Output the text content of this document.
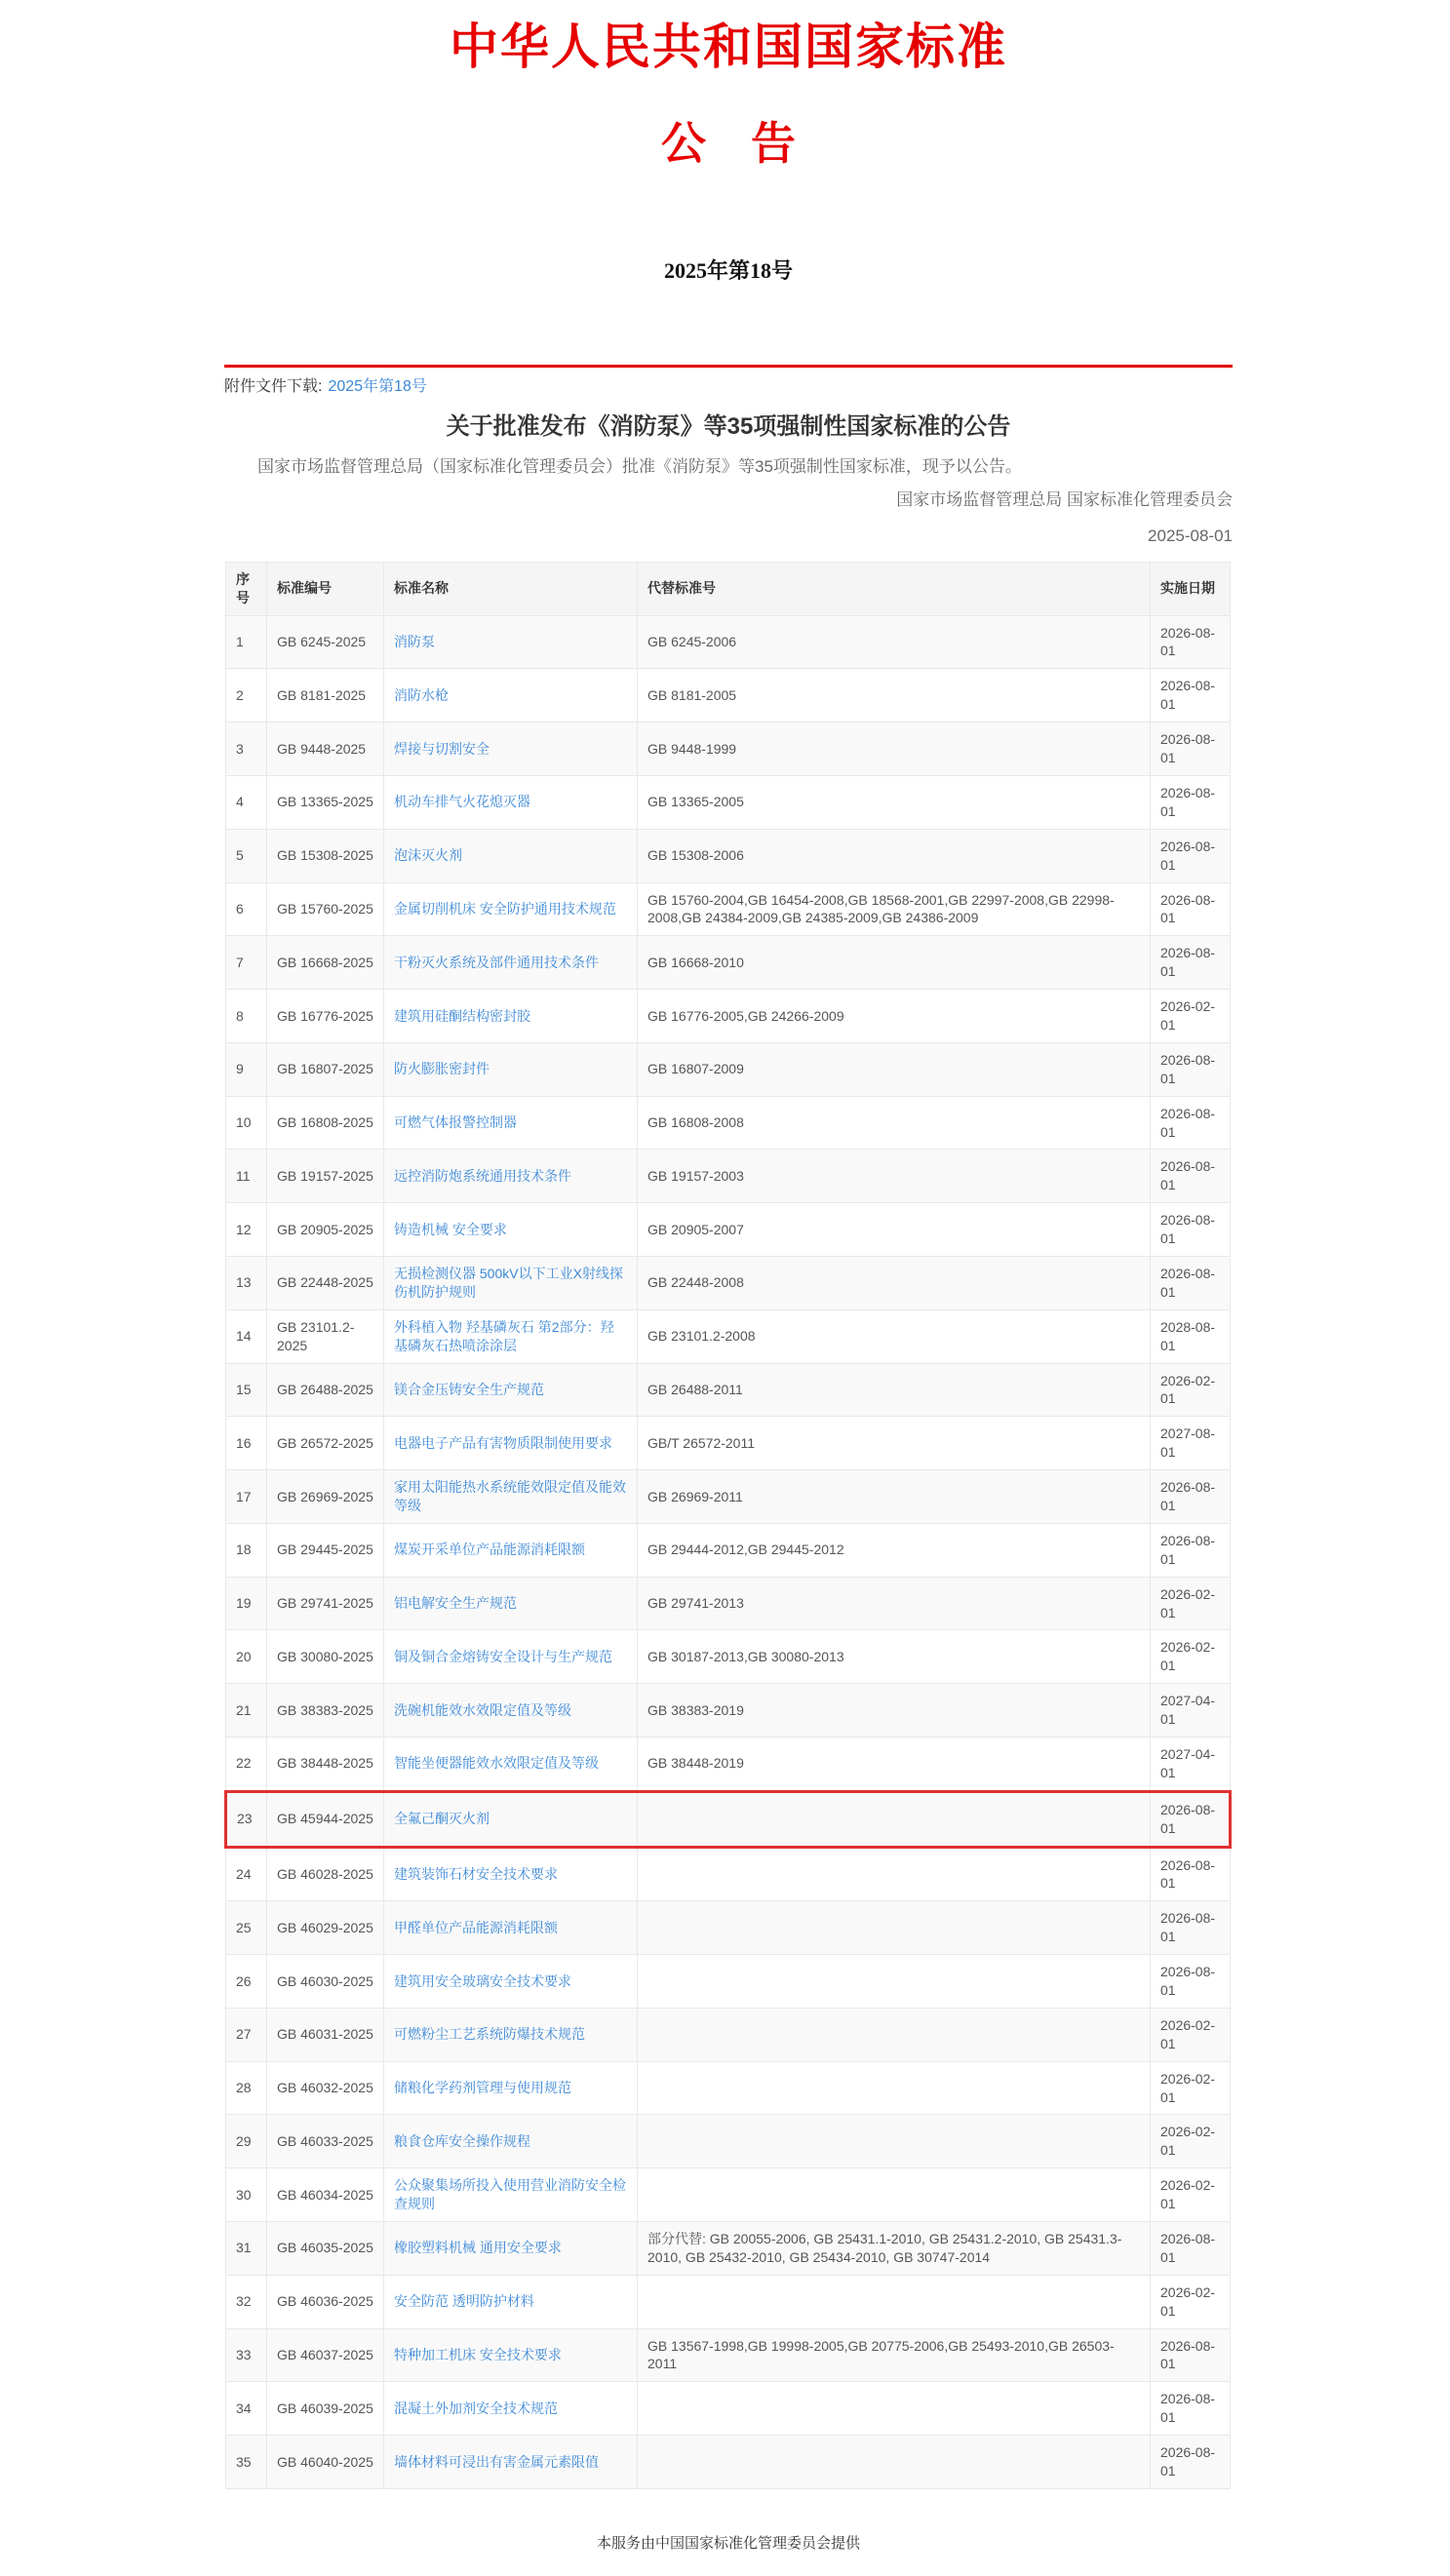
中华人民共和国国家标准
公　告
2025年第18号
附件文件下载: 2025年第18号
关于批准发布《消防泵》等35项强制性国家标准的公告

国家市场监督管理总局（国家标准化管理委员会）批准《消防泵》等35项强制性国家标准，现予以公告。

国家市场监督管理总局 国家标准化管理委员会
2025-08-01
序号	标准编号	标准名称	代替标准号	实施日期
1	GB 6245-2025	消防泵	GB 6245-2006	2026-08-01
2	GB 8181-2025	消防水枪	GB 8181-2005	2026-08-01
3	GB 9448-2025	焊接与切割安全	GB 9448-1999	2026-08-01
4	GB 13365-2025	机动车排气火花熄灭器	GB 13365-2005	2026-08-01
5	GB 15308-2025	泡沫灭火剂	GB 15308-2006	2026-08-01
6	GB 15760-2025	金属切削机床 安全防护通用技术规范	GB 15760-2004,GB 16454-2008,GB 18568-2001,GB 22997-2008,GB 22998-2008,GB 24384-2009,GB 24385-2009,GB 24386-2009	2026-08-01
7	GB 16668-2025	干粉灭火系统及部件通用技术条件	GB 16668-2010	2026-08-01
8	GB 16776-2025	建筑用硅酮结构密封胶	GB 16776-2005,GB 24266-2009	2026-02-01
9	GB 16807-2025	防火膨胀密封件	GB 16807-2009	2026-08-01
10	GB 16808-2025	可燃气体报警控制器	GB 16808-2008	2026-08-01
11	GB 19157-2025	远控消防炮系统通用技术条件	GB 19157-2003	2026-08-01
12	GB 20905-2025	铸造机械 安全要求	GB 20905-2007	2026-08-01
13	GB 22448-2025	无损检测仪器 500kV以下工业X射线探伤机防护规则	GB 22448-2008	2026-08-01
14	GB 23101.2-2025	外科植入物 羟基磷灰石 第2部分：羟基磷灰石热喷涂涂层	GB 23101.2-2008	2028-08-01
15	GB 26488-2025	镁合金压铸安全生产规范	GB 26488-2011	2026-02-01
16	GB 26572-2025	电器电子产品有害物质限制使用要求	GB/T 26572-2011	2027-08-01
17	GB 26969-2025	家用太阳能热水系统能效限定值及能效等级	GB 26969-2011	2026-08-01
18	GB 29445-2025	煤炭开采单位产品能源消耗限额	GB 29444-2012,GB 29445-2012	2026-08-01
19	GB 29741-2025	铝电解安全生产规范	GB 29741-2013	2026-02-01
20	GB 30080-2025	铜及铜合金熔铸安全设计与生产规范	GB 30187-2013,GB 30080-2013	2026-02-01
21	GB 38383-2025	洗碗机能效水效限定值及等级	GB 38383-2019	2027-04-01
22	GB 38448-2025	智能坐便器能效水效限定值及等级	GB 38448-2019	2027-04-01
23	GB 45944-2025	全氟己酮灭火剂		2026-08-01
24	GB 46028-2025	建筑装饰石材安全技术要求		2026-08-01
25	GB 46029-2025	甲醛单位产品能源消耗限额		2026-08-01
26	GB 46030-2025	建筑用安全玻璃安全技术要求		2026-08-01
27	GB 46031-2025	可燃粉尘工艺系统防爆技术规范		2026-02-01
28	GB 46032-2025	储粮化学药剂管理与使用规范		2026-02-01
29	GB 46033-2025	粮食仓库安全操作规程		2026-02-01
30	GB 46034-2025	公众聚集场所投入使用营业消防安全检查规则		2026-02-01
31	GB 46035-2025	橡胶塑料机械 通用安全要求	部分代替: GB 20055-2006, GB 25431.1-2010, GB 25431.2-2010, GB 25431.3-2010, GB 25432-2010, GB 25434-2010, GB 30747-2014	2026-08-01
32	GB 46036-2025	安全防范 透明防护材料		2026-02-01
33	GB 46037-2025	特种加工机床 安全技术要求	GB 13567-1998,GB 19998-2005,GB 20775-2006,GB 25493-2010,GB 26503-2011	2026-08-01
34	GB 46039-2025	混凝土外加剂安全技术规范		2026-08-01
35	GB 46040-2025	墙体材料可浸出有害金属元素限值		2026-08-01
本服务由中国国家标准化管理委员会提供
